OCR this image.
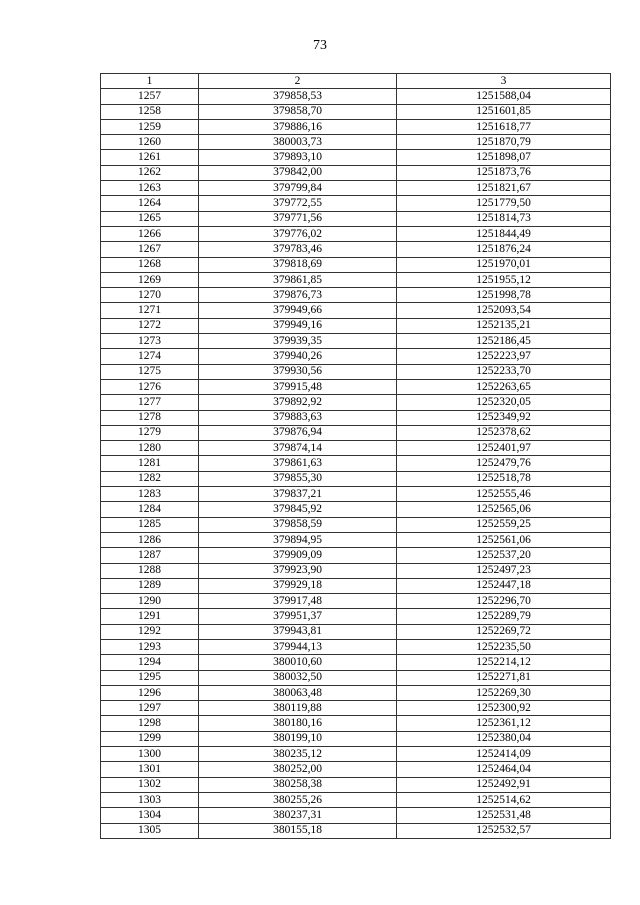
73
1	2	3
1257	379858,53	1251588,04
1258	379858,70	1251601,85
1259	379886,16	1251618,77
1260	380003,73	1251870,79
1261	379893,10	1251898,07
1262	379842,00	1251873,76
1263	379799,84	1251821,67
1264	379772,55	1251779,50
1265	379771,56	1251814,73
1266	379776,02	1251844,49
1267	379783,46	1251876,24
1268	379818,69	1251970,01
1269	379861,85	1251955,12
1270	379876,73	1251998,78
1271	379949,66	1252093,54
1272	379949,16	1252135,21
1273	379939,35	1252186,45
1274	379940,26	1252223,97
1275	379930,56	1252233,70
1276	379915,48	1252263,65
1277	379892,92	1252320,05
1278	379883,63	1252349,92
1279	379876,94	1252378,62
1280	379874,14	1252401,97
1281	379861,63	1252479,76
1282	379855,30	1252518,78
1283	379837,21	1252555,46
1284	379845,92	1252565,06
1285	379858,59	1252559,25
1286	379894,95	1252561,06
1287	379909,09	1252537,20
1288	379923,90	1252497,23
1289	379929,18	1252447,18
1290	379917,48	1252296,70
1291	379951,37	1252289,79
1292	379943,81	1252269,72
1293	379944,13	1252235,50
1294	380010,60	1252214,12
1295	380032,50	1252271,81
1296	380063,48	1252269,30
1297	380119,88	1252300,92
1298	380180,16	1252361,12
1299	380199,10	1252380,04
1300	380235,12	1252414,09
1301	380252,00	1252464,04
1302	380258,38	1252492,91
1303	380255,26	1252514,62
1304	380237,31	1252531,48
1305	380155,18	1252532,57
